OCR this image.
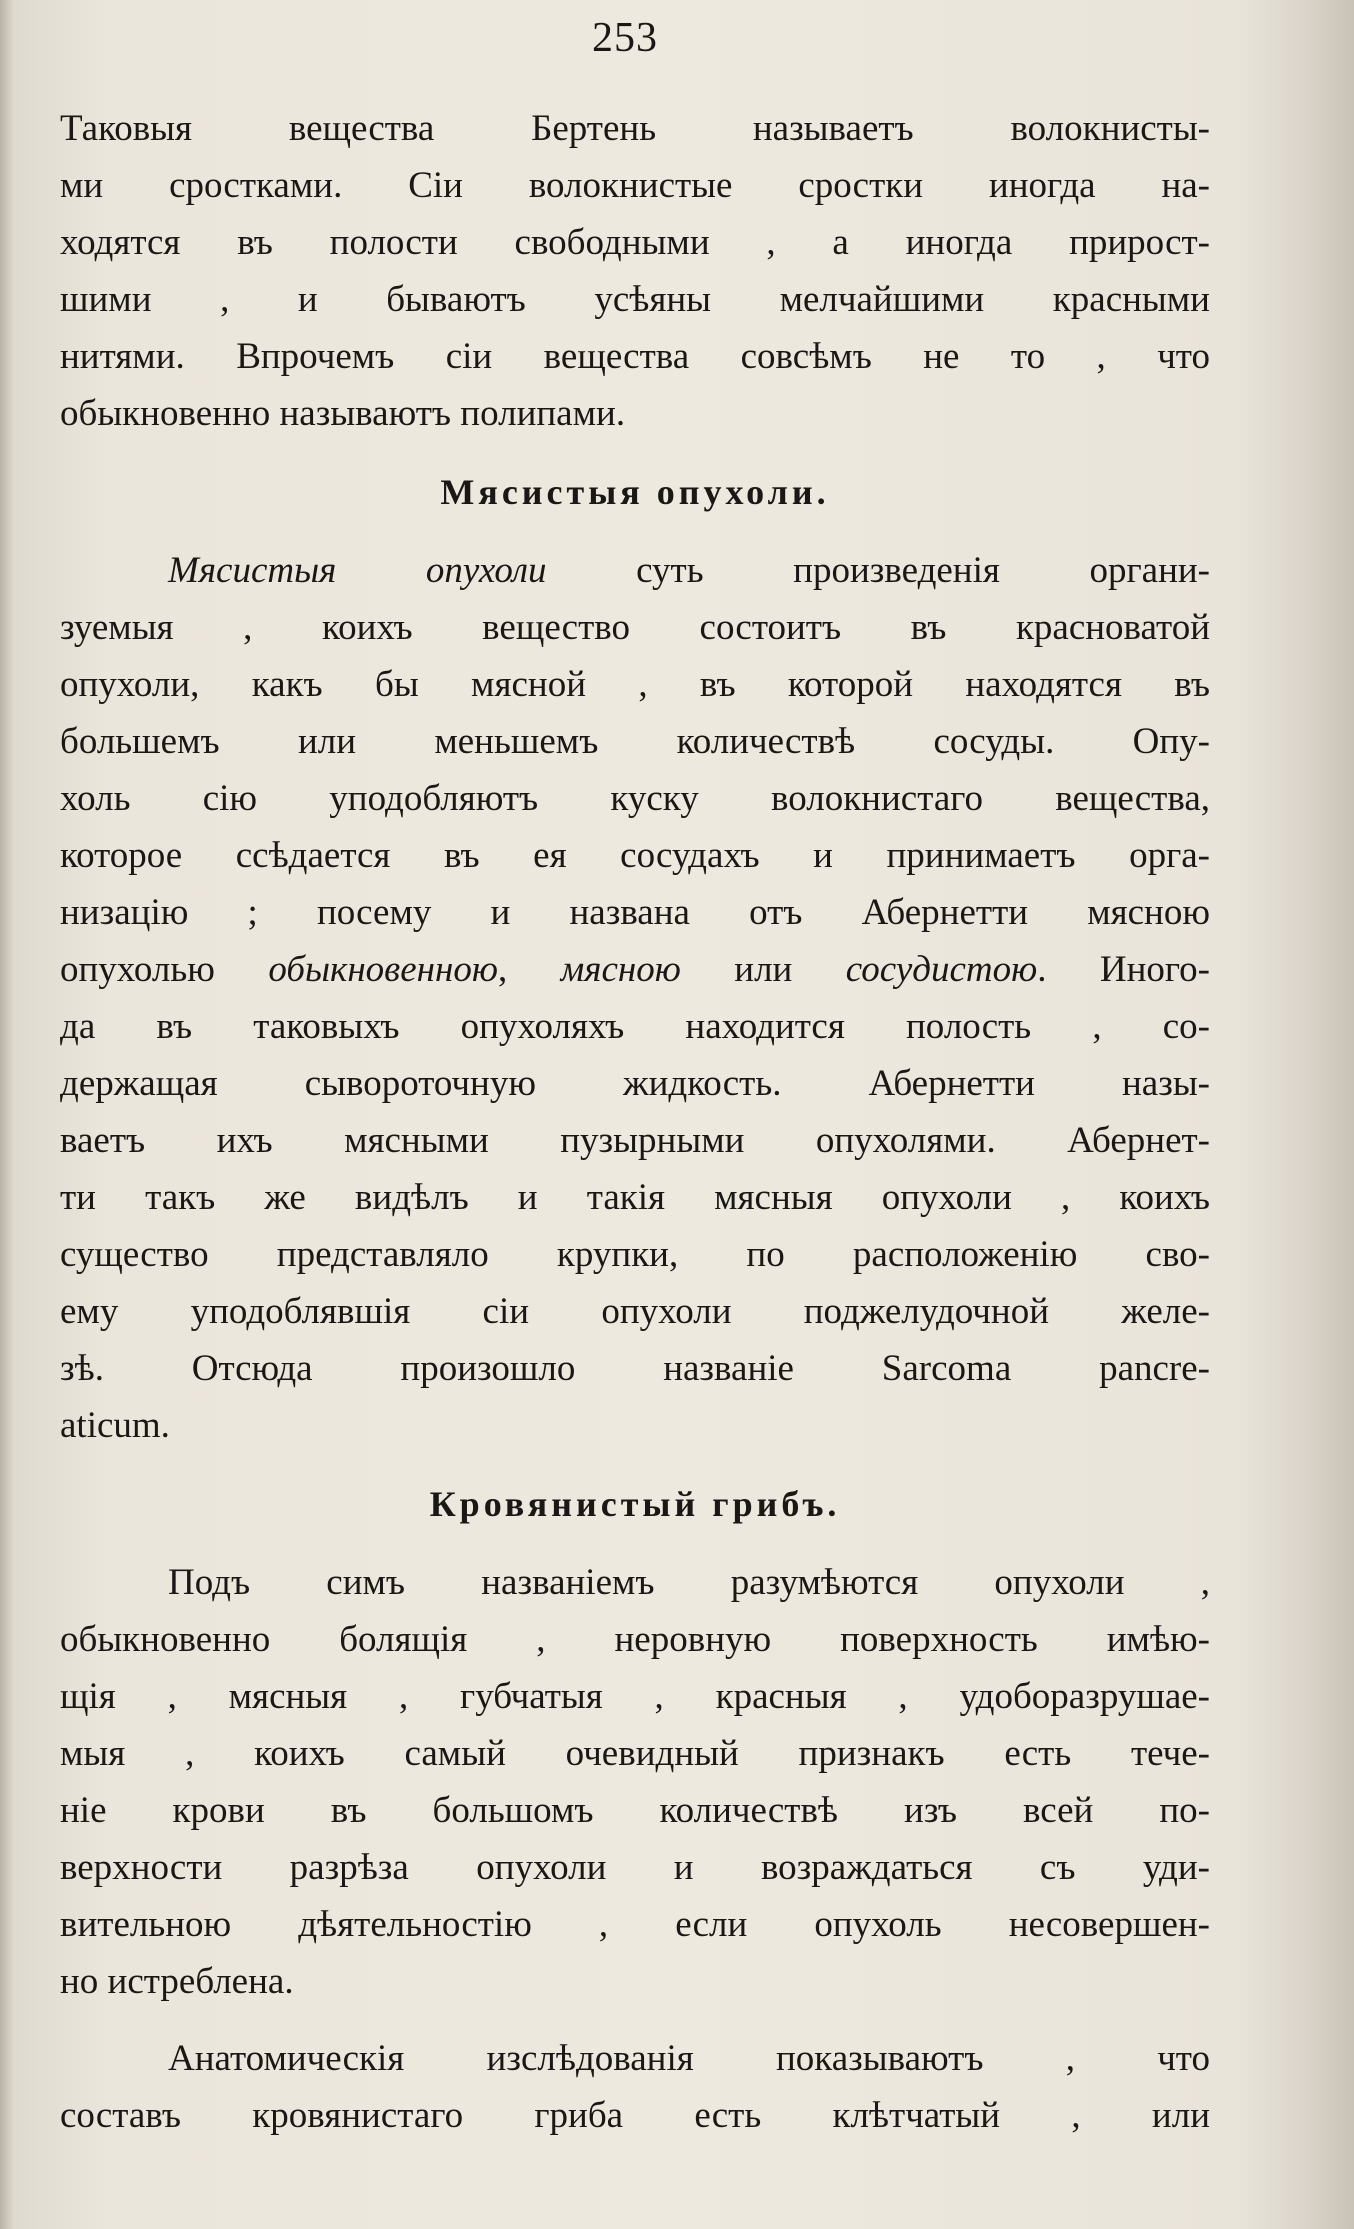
253
Таковыя вещества Бертень называетъ волокнисты-
ми сростками. Сіи волокнистые сростки иногда на-
ходятся въ полости свободными , а иногда приpост-
шими , и бываютъ усѣяны мелчайшими красными
нитями. Впрочемъ сіи вещества совсѣмъ не то , что
обыкновенно называютъ полипами.
Мясистыя опухоли.
Мясистыя опухоли суть произведенія органи-
зуемыя , коихъ вещество состоитъ въ красноватой
опухоли, какъ бы мясной , въ которой находятся въ
большемъ или меньшемъ количествѣ сосуды. Опу-
холь сію уподобляютъ куску волокнистаго вещества,
которое ссѣдается въ ея сосудахъ и принимаетъ орга-
низацію ; посему и названа отъ Абернетти мясною
опухолью обыкновенною, мясною или сосудистою. Иного-
да въ таковыхъ опухоляхъ находится полость , со-
держащая сывороточную жидкость. Абернетти назы-
ваетъ ихъ мясными пузырными опухолями. Абернет-
ти такъ же видѣлъ и такія мясныя опухоли , коихъ
существо представляло крупки, по расположенію сво-
ему уподоблявшія сіи опухоли поджелудочной желе-
зѣ. Отсюда произошло названіе Sarcoma pancre-
aticum.
Кровянистый грибъ.
Подъ симъ названіемъ разумѣются опухоли ,
обыкновенно болящія , неровную поверхность имѣю-
щія , мясныя , губчатыя , красныя , удоборазрушае-
мыя , коихъ самый очевидный признакъ есть тече-
ніе крови въ большомъ количествѣ изъ всей по-
верхности разрѣза опухоли и возраждаться съ уди-
вительною дѣятельностію , если опухоль несовершен-
но истреблена.
Анатомическія изслѣдованія показываютъ , что
составъ кровянистаго гриба есть клѣтчатый , или
